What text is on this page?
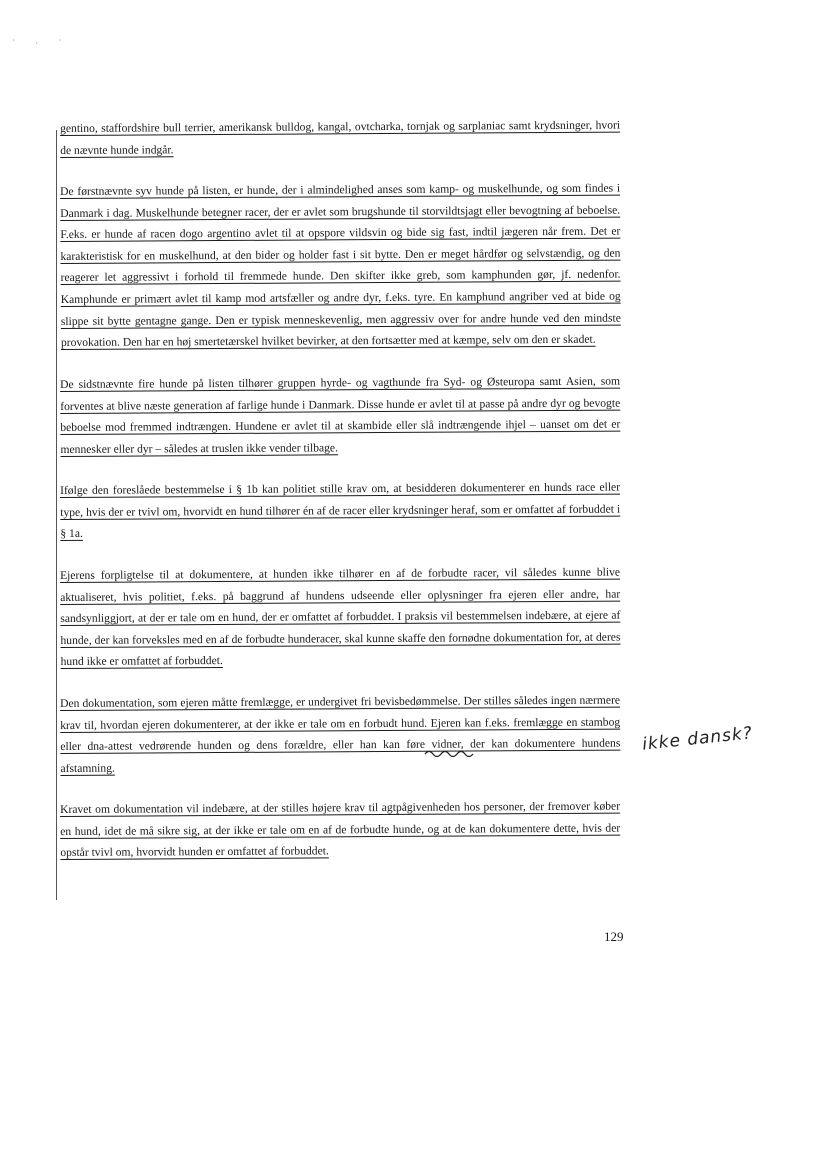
˙ · ˙

gentino, staffordshire bull terrier, amerikansk bulldog, kangal, ovtcharka, tornjak og sarplaniac samt krydsninger, hvori de nævnte hunde indgår.

De førstnævnte syv hunde på listen, er hunde, der i almindelighed anses som kamp- og muskelhunde, og som findes i Danmark i dag. Muskelhunde betegner racer, der er avlet som brugshunde til storvildtsjagt eller bevogtning af beboelse. F.eks. er hunde af racen dogo argentino avlet til at opspore vildsvin og bide sig fast, indtil jægeren når frem. Det er karakteristisk for en muskelhund, at den bider og holder fast i sit bytte. Den er meget hårdfør og selvstændig, og den reagerer let aggressivt i forhold til fremmede hunde. Den skifter ikke greb, som kamphunden gør, jf. nedenfor. Kamphunde er primært avlet til kamp mod artsfæller og andre dyr, f.eks. tyre. En kamphund angriber ved at bide og slippe sit bytte gentagne gange. Den er typisk menneskevenlig, men aggressiv over for andre hunde ved den mindste provokation. Den har en høj smertetærskel hvilket bevirker, at den fortsætter med at kæmpe, selv om den er skadet.

De sidstnævnte fire hunde på listen tilhører gruppen hyrde- og vagthunde fra Syd- og Østeuropa samt Asien, som forventes at blive næste generation af farlige hunde i Danmark. Disse hunde er avlet til at passe på andre dyr og bevogte beboelse mod fremmed indtrængen. Hundene er avlet til at skambide eller slå indtrængende ihjel – uanset om det er mennesker eller dyr – således at truslen ikke vender tilbage.

Ifølge den foreslåede bestemmelse i § 1b kan politiet stille krav om, at besidderen dokumenterer en hunds race eller type, hvis der er tvivl om, hvorvidt en hund tilhører én af de racer eller krydsninger heraf, som er omfattet af forbuddet i § 1a.

Ejerens forpligtelse til at dokumentere, at hunden ikke tilhører en af de forbudte racer, vil således kunne blive aktualiseret, hvis politiet, f.eks. på baggrund af hundens udseende eller oplysninger fra ejeren eller andre, har sandsynliggjort, at der er tale om en hund, der er omfattet af forbuddet. I praksis vil bestemmelsen indebære, at ejere af hunde, der kan forveksles med en af de forbudte hunderacer, skal kunne skaffe den fornødne dokumentation for, at deres hund ikke er omfattet af forbuddet.

Den dokumentation, som ejeren måtte fremlægge, er undergivet fri bevisbedømmelse. Der stilles således ingen nærmere krav til, hvordan ejeren dokumenterer, at der ikke er tale om en forbudt hund. Ejeren kan f.eks. fremlægge en stambog eller dna-attest vedrørende hunden og dens forældre, eller han kan føre vidner, der kan dokumentere hundens afstamning.

Kravet om dokumentation vil indebære, at der stilles højere krav til agtpågivenheden hos personer, der fremover køber en hund, idet de må sikre sig, at der ikke er tale om en af de forbudte hunde, og at de kan dokumentere dette, hvis der opstår tvivl om, hvorvidt hunden er omfattet af forbuddet.

ikke dansk?
129
